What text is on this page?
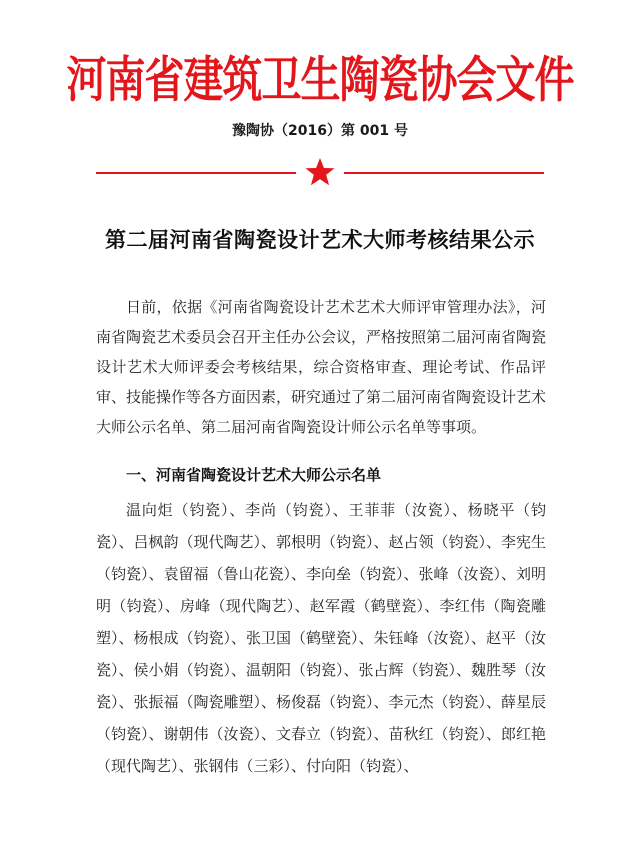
河南省建筑卫生陶瓷协会文件
豫陶协（2016）第 001 号
第二届河南省陶瓷设计艺术大师考核结果公示

日前，依据《河南省陶瓷设计艺术艺术大师评审管理办法》，河南省陶瓷艺术委员会召开主任办公会议，严格按照第二届河南省陶瓷设计艺术大师评委会考核结果，综合资格审查、理论考试、作品评审、技能操作等各方面因素，研究通过了第二届河南省陶瓷设计艺术大师公示名单、第二届河南省陶瓷设计师公示名单等事项。

一、河南省陶瓷设计艺术大师公示名单

温向炬（钧瓷）、李尚（钧瓷）、王菲菲（汝瓷）、杨晓平（钧瓷）、吕枫韵（现代陶艺）、郭根明（钧瓷）、赵占领（钧瓷）、李宪生（钧瓷）、袁留福（鲁山花瓷）、李向垒（钧瓷）、张峰（汝瓷）、刘明明（钧瓷）、房峰（现代陶艺）、赵军霞（鹤壁瓷）、李红伟（陶瓷雕塑）、杨根成（钧瓷）、张卫国（鹤壁瓷）、朱钰峰（汝瓷）、赵平（汝瓷）、侯小娟（钧瓷）、温朝阳（钧瓷）、张占辉（钧瓷）、魏胜琴（汝瓷）、张振福（陶瓷雕塑）、杨俊磊（钧瓷）、李元杰（钧瓷）、薛星辰（钧瓷）、谢朝伟（汝瓷）、文春立（钧瓷）、苗秋红（钧瓷）、郎红艳（现代陶艺）、张钢伟（三彩）、付向阳（钧瓷）、
